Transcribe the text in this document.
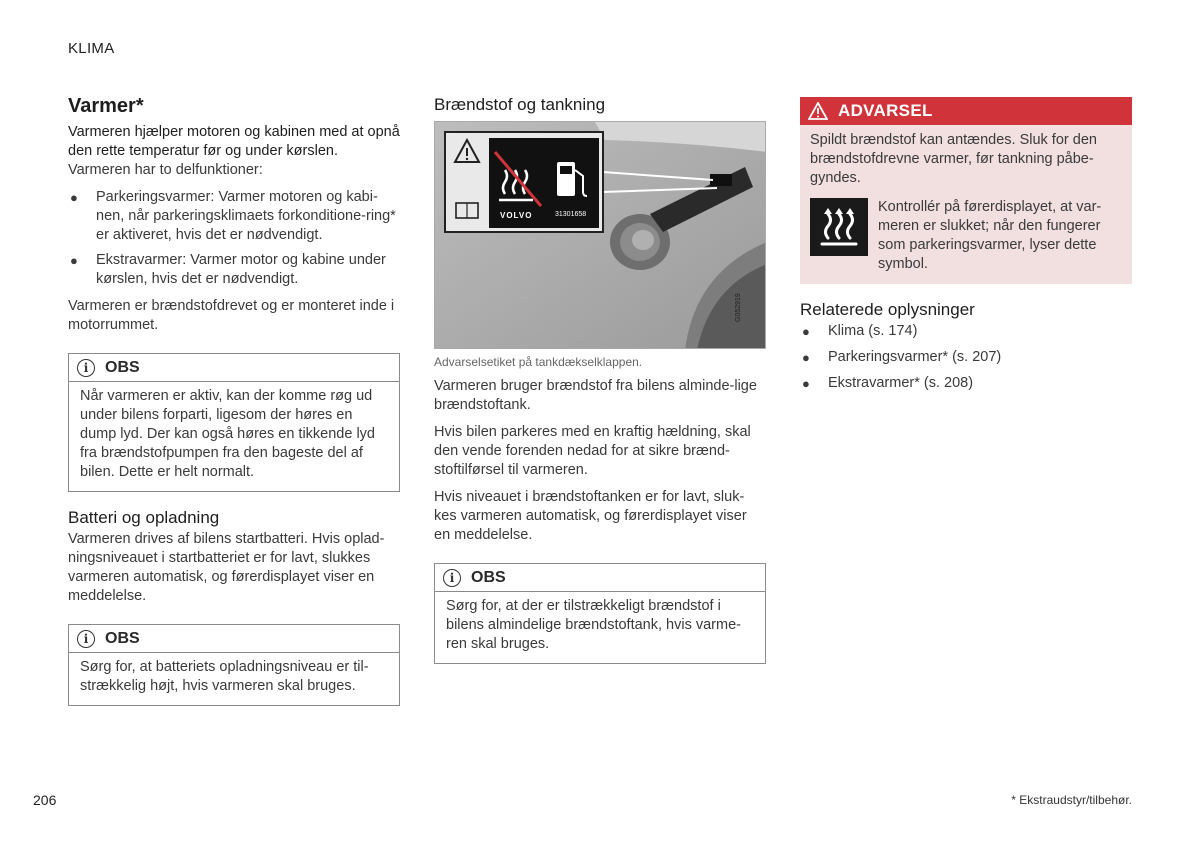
KLIMA
Varmer*
Varmeren hjælper motoren og kabinen med at opnå den rette temperatur før og under kørslen.

Varmeren har to delfunktioner:

● Parkeringsvarmer: Varmer motoren og kabi-nen, når parkeringsklimaets forkonditione-ring* er aktiveret, hvis det er nødvendigt.
● Ekstravarmer: Varmer motor og kabine under kørslen, hvis det er nødvendigt.

Varmeren er brændstofdrevet og er monteret inde i motorrummet.

i	OBS
Når varmeren er aktiv, kan der komme røg ud under bilens forparti, ligesom der høres en dump lyd. Der kan også høres en tikkende lyd fra brændstofpumpen fra den bageste del af bilen. Dette er helt normalt.
Batteri og opladning

Varmeren drives af bilens startbatteri. Hvis oplad-ningsniveauet i startbatteriet er for lavt, slukkes varmeren automatisk, og førerdisplayet viser en meddelelse.

i	OBS
Sørg for, at batteriets opladningsniveau er til-strækkelig højt, hvis varmeren skal bruges.
Brændstof og tankning
VOLVO	31301658
G052919
Advarselsetiket på tankdækselklappen.

Varmeren bruger brændstof fra bilens alminde-lige brændstoftank.

Hvis bilen parkeres med en kraftig hældning, skal den vende forenden nedad for at sikre brænd-stoftilførsel til varmeren.

Hvis niveauet i brændstoftanken er for lavt, sluk-kes varmeren automatisk, og førerdisplayet viser en meddelelse.

i	OBS
Sørg for, at der er tilstrækkeligt brændstof i bilens almindelige brændstoftank, hvis varme-ren skal bruges.
ADVARSEL

Spildt brændstof kan antændes. Sluk for den brændstofdrevne varmer, før tankning påbe-gyndes.

Kontrollér på førerdisplayet, at var-meren er slukket; når den fungerer som parkeringsvarmer, lyser dette symbol.

Relaterede oplysninger
● Klima (s. 174)
● Parkeringsvarmer* (s. 207)
● Ekstravarmer* (s. 208)
206	* Ekstraudstyr/tilbehør.
